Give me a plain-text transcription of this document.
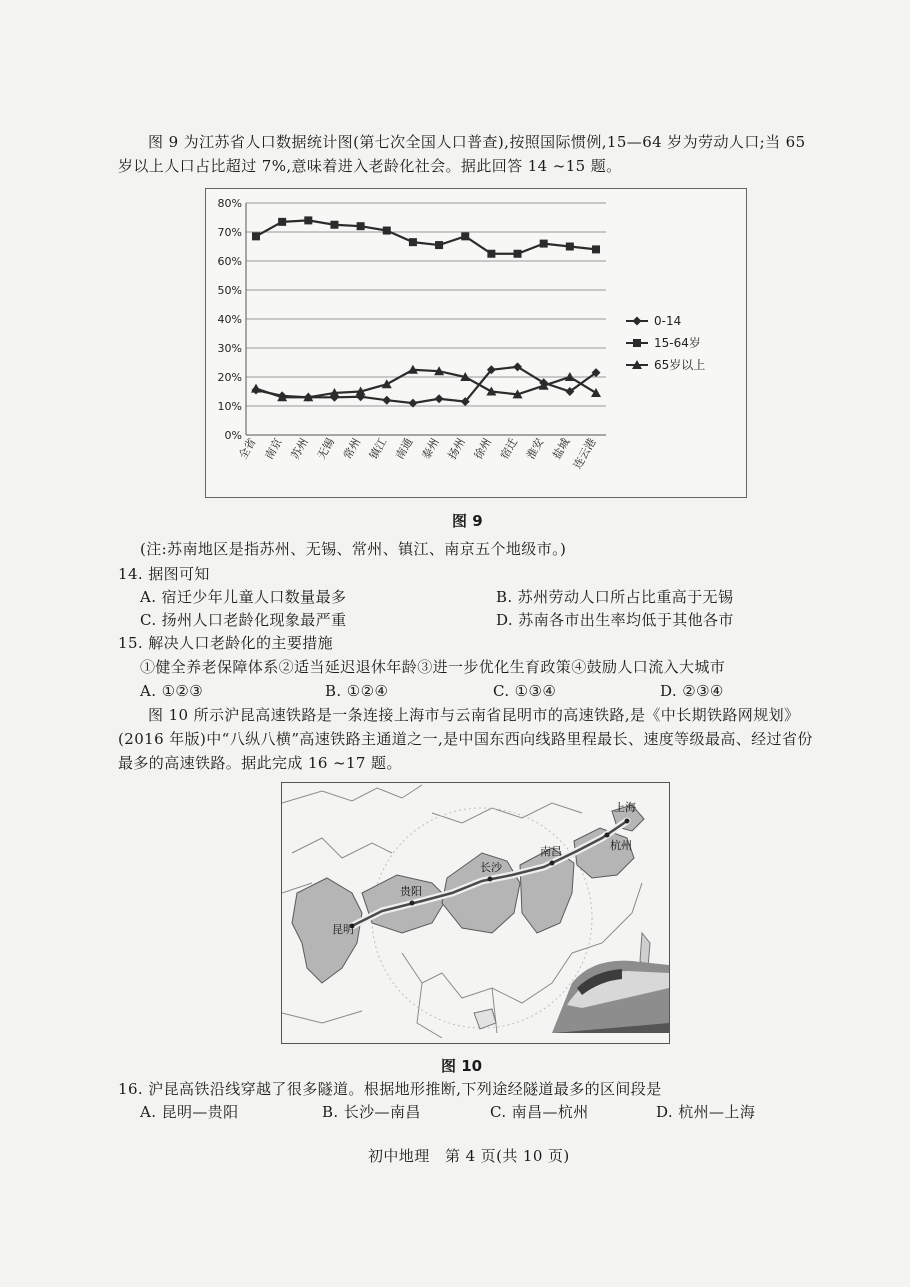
图 9 为江苏省人口数据统计图(第七次全国人口普查),按照国际惯例,15—64 岁为劳动人口;当 65 岁以上人口占比超过 7%,意味着进入老龄化社会。据此回答 14 ~15 题。
0%
10%
20%
30%
40%
50%
60%
70%
80%
全省 南京 苏州 无锡 常州 镇江 南通 泰州 扬州 徐州 宿迁 淮安 盐城
连云港
0-14
15-64岁
65岁以上
图 9
(注:苏南地区是指苏州、无锡、常州、镇江、南京五个地级市。)
14. 据图可知
A. 宿迁少年儿童人口数量最多	B. 苏州劳动人口所占比重高于无锡
C. 扬州人口老龄化现象最严重	D. 苏南各市出生率均低于其他各市
15. 解决人口老龄化的主要措施
①健全养老保障体系②适当延迟退休年龄③进一步优化生育政策④鼓励人口流入大城市
A. ①②③	B. ①②④	C. ①③④	D. ②③④
图 10 所示沪昆高速铁路是一条连接上海市与云南省昆明市的高速铁路,是《中长期铁路网规划》(2016 年版)中“八纵八横”高速铁路主通道之一,是中国东西向线路里程最长、速度等级最高、经过省份最多的高速铁路。据此完成 16 ~17 题。
昆明
贵阳
长沙
南昌	杭州
上海
图 10
16. 沪昆高铁沿线穿越了很多隧道。根据地形推断,下列途经隧道最多的区间段是
A. 昆明—贵阳	B. 长沙—南昌	C. 南昌—杭州	D. 杭州—上海
初中地理　第 4 页(共 10 页)
